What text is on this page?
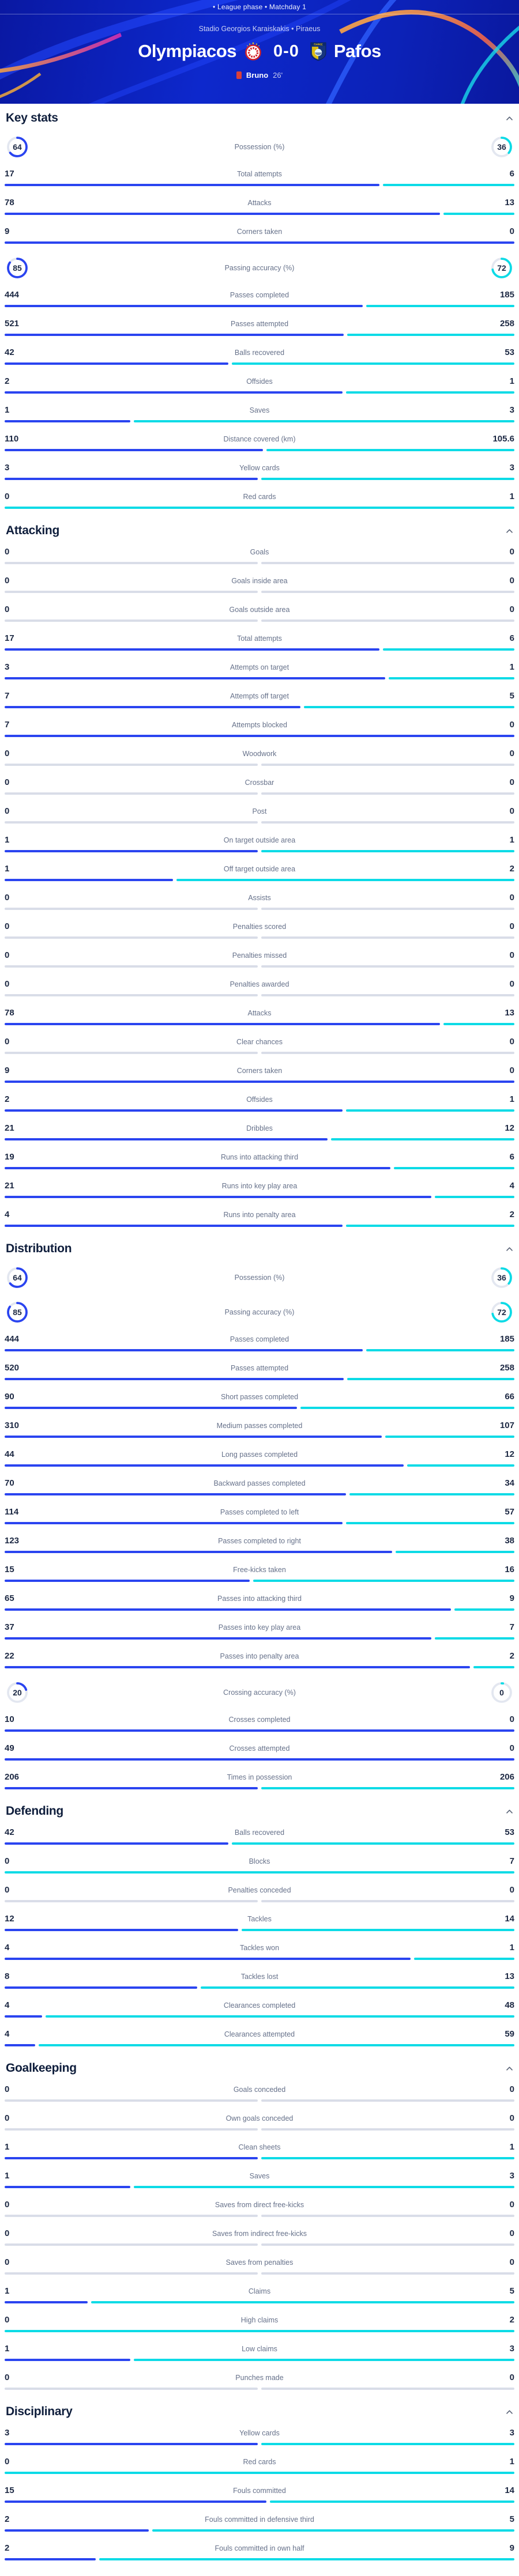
• League phase • Matchday 1
Stadio Georgios Karaiskakis • Piraeus
Olympiacos 0-0	ΠΑΦΟΣ Pafos
Bruno 26'
Key stats
64	Possession (%)	36
17	Total attempts	6
78	Attacks	13
9	Corners taken	0
85	Passing accuracy (%)	72
444	Passes completed	185
521	Passes attempted	258
42	Balls recovered	53
2	Offsides	1
1	Saves	3
110	Distance covered (km)	105.6
3	Yellow cards	3
0	Red cards	1
Attacking
0	Goals	0
0	Goals inside area	0
0	Goals outside area	0
17	Total attempts	6
3	Attempts on target	1
7	Attempts off target	5
7	Attempts blocked	0
0	Woodwork	0
0	Crossbar	0
0	Post	0
1	On target outside area	1
1	Off target outside area	2
0	Assists	0
0	Penalties scored	0
0	Penalties missed	0
0	Penalties awarded	0
78	Attacks	13
0	Clear chances	0
9	Corners taken	0
2	Offsides	1
21	Dribbles	12
19	Runs into attacking third	6
21	Runs into key play area	4
4	Runs into penalty area	2
Distribution
64	Possession (%)	36
85	Passing accuracy (%)	72
444	Passes completed	185
520	Passes attempted	258
90	Short passes completed	66
310	Medium passes completed	107
44	Long passes completed	12
70	Backward passes completed	34
114	Passes completed to left	57
123	Passes completed to right	38
15	Free-kicks taken	16
65	Passes into attacking third	9
37	Passes into key play area	7
22	Passes into penalty area	2
20	Crossing accuracy (%)	0
10	Crosses completed	0
49	Crosses attempted	0
206	Times in possession	206
Defending
42	Balls recovered	53
0	Blocks	7
0	Penalties conceded	0
12	Tackles	14
4	Tackles won	1
8	Tackles lost	13
4	Clearances completed	48
4	Clearances attempted	59
Goalkeeping
0	Goals conceded	0
0	Own goals conceded	0
1	Clean sheets	1
1	Saves	3
0	Saves from direct free-kicks	0
0	Saves from indirect free-kicks	0
0	Saves from penalties	0
1	Claims	5
0	High claims	2
1	Low claims	3
0	Punches made	0
Disciplinary
3	Yellow cards	3
0	Red cards	1
15	Fouls committed	14
2	Fouls committed in defensive third	5
2	Fouls committed in own half	9
